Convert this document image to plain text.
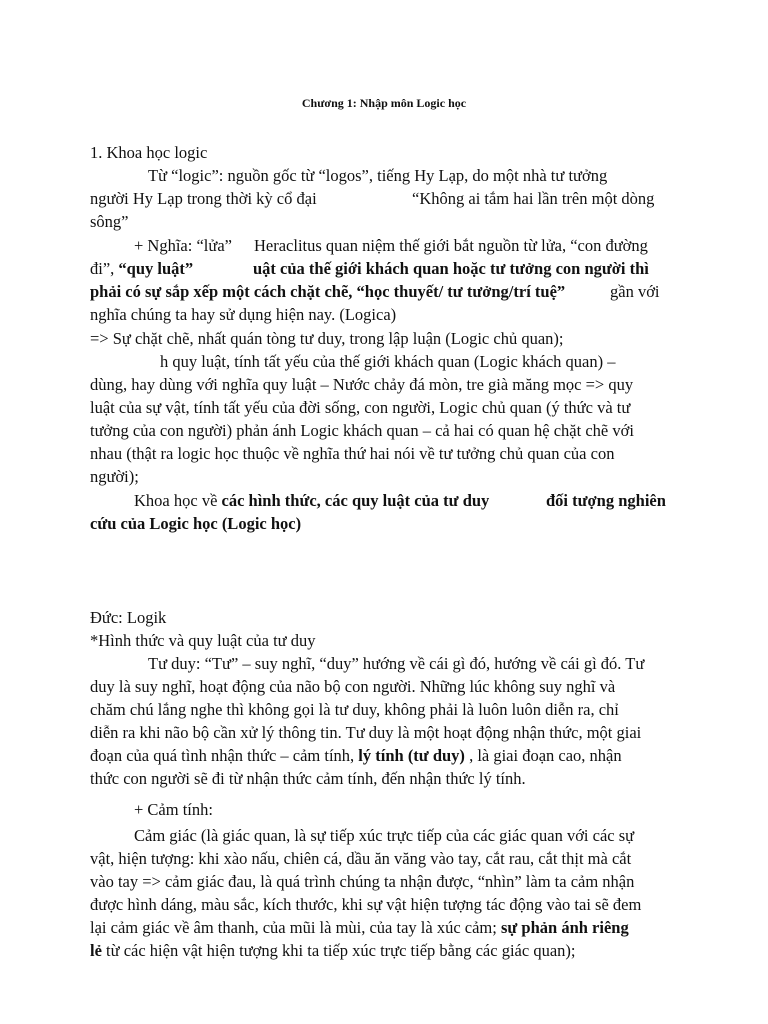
Chương 1: Nhập môn Logic học
1. Khoa học logic
Từ “logic”: nguồn gốc từ “logos”, tiếng Hy Lạp, do một nhà tư tưởng
người Hy Lạp trong thời kỳ cổ đại	“Không ai tắm hai lần trên một dòng
sông”
+ Nghĩa: “lửa” Heraclitus quan niệm thế giới bắt nguồn từ lửa, “con đường
đi”, “quy luật”	uật của thế giới khách quan hoặc tư tưởng con người thì
phải có sự sắp xếp một cách chặt chẽ, “học thuyết/ tư tưởng/trí tuệ”	gần với
nghĩa chúng ta hay sử dụng hiện nay. (Logica)
=> Sự chặt chẽ, nhất quán tòng tư duy, trong lập luận (Logic chủ quan);
h quy luật, tính tất yếu của thế giới khách quan (Logic khách quan) –
dùng, hay dùng với nghĩa quy luật – Nước chảy đá mòn, tre già măng mọc => quy
luật của sự vật, tính tất yếu của đời sống, con người, Logic chủ quan (ý thức và tư
tưởng của con người) phản ánh Logic khách quan – cả hai có quan hệ chặt chẽ với
nhau (thật ra logic học thuộc về nghĩa thứ hai nói về tư tưởng chủ quan của con
người);
Khoa học về các hình thức, các quy luật của tư duy	đối tượng nghiên
cứu của Logic học (Logic học)
Đức: Logik
*Hình thức và quy luật của tư duy
Tư duy: “Tư” – suy nghĩ, “duy” hướng về cái gì đó, hướng về cái gì đó. Tư
duy là suy nghĩ, hoạt động của não bộ con người. Những lúc không suy nghĩ và
chăm chú lắng nghe thì không gọi là tư duy, không phải là luôn luôn diễn ra, chỉ
diễn ra khi não bộ cần xử lý thông tin. Tư duy là một hoạt động nhận thức, một giai
đoạn của quá tình nhận thức – cảm tính, lý tính (tư duy) , là giai đoạn cao, nhận
thức con người sẽ đi từ nhận thức cảm tính, đến nhận thức lý tính.
+ Cảm tính:
Cảm giác (là giác quan, là sự tiếp xúc trực tiếp của các giác quan với các sự
vật, hiện tượng: khi xào nấu, chiên cá, dầu ăn văng vào tay, cắt rau, cắt thịt mà cắt
vào tay => cảm giác đau, là quá trình chúng ta nhận được, “nhìn” làm ta cảm nhận
được hình dáng, màu sắc, kích thước, khi sự vật hiện tượng tác động vào tai sẽ đem
lại cảm giác về âm thanh, của mũi là mùi, của tay là xúc cảm; sự phản ánh riêng
lẻ từ các hiện vật hiện tượng khi ta tiếp xúc trực tiếp bằng các giác quan);
